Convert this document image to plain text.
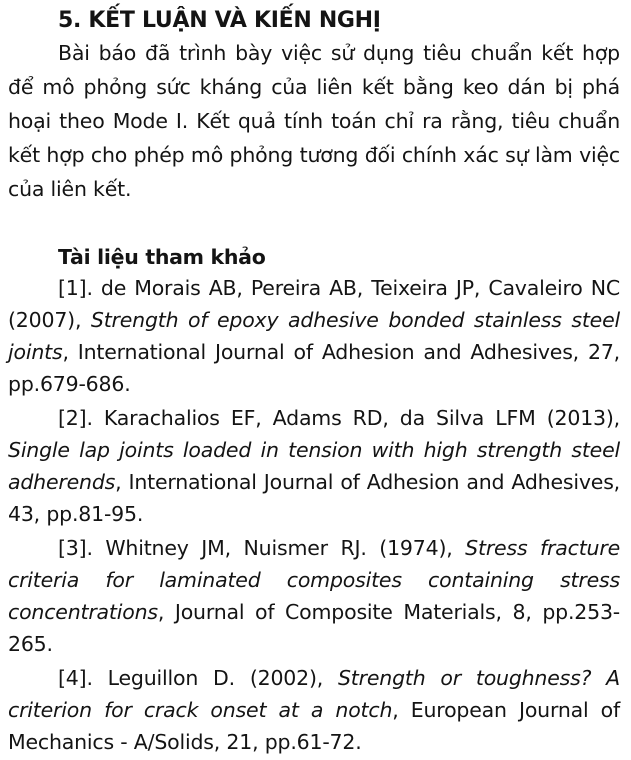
5. KẾT LUẬN VÀ KIẾN NGHỊ

Bài báo đã trình bày việc sử dụng tiêu chuẩn kết hợp để mô phỏng sức kháng của liên kết bằng keo dán bị phá hoại theo Mode I. Kết quả tính toán chỉ ra rằng, tiêu chuẩn kết hợp cho phép mô phỏng tương đối chính xác sự làm việc của liên kết.

Tài liệu tham khảo

[1]. de Morais AB, Pereira AB, Teixeira JP, Cavaleiro NC (2007), Strength of epoxy adhesive bonded stainless steel joints, International Journal of Adhesion and Adhesives, 27, pp.679-686.

[2]. Karachalios EF, Adams RD, da Silva LFM (2013), Single lap joints loaded in tension with high strength steel adherends, International Journal of Adhesion and Adhesives, 43, pp.81-95.

[3]. Whitney JM, Nuismer RJ. (1974), Stress fracture criteria for laminated composites containing stress concentrations, Journal of Composite Materials, 8, pp.253-265.

[4]. Leguillon D. (2002), Strength or toughness? A criterion for crack onset at a notch, European Journal of Mechanics - A/Solids, 21, pp.61-72.
